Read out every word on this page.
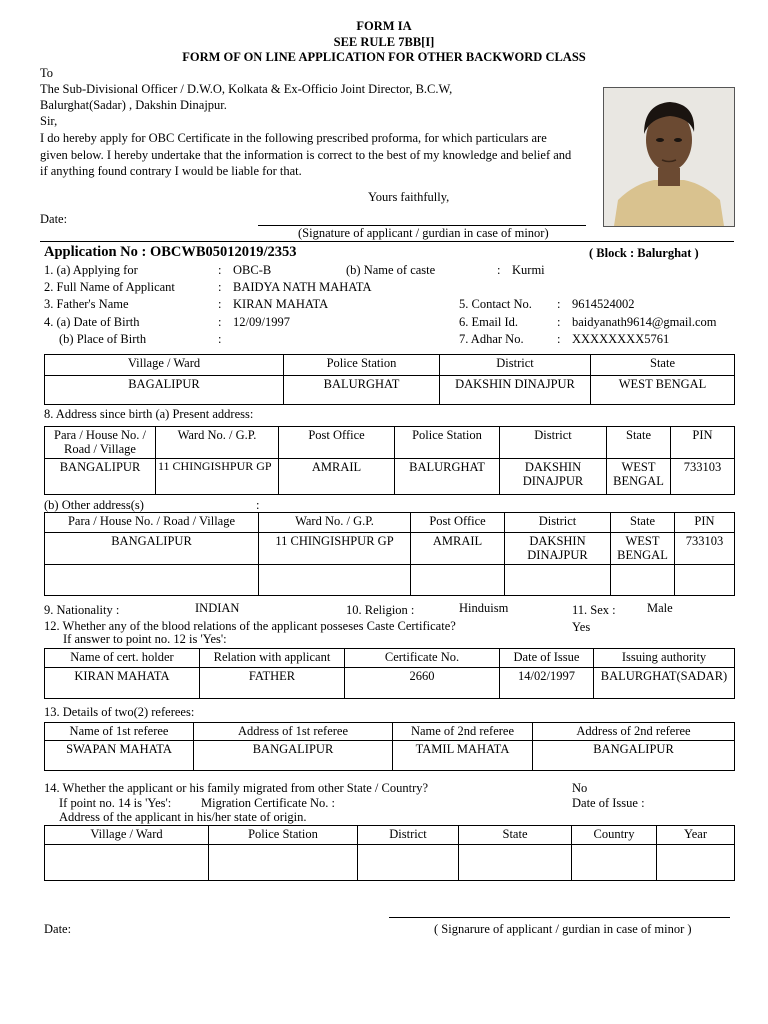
FORM IA
SEE RULE 7BB[I]
FORM OF ON LINE APPLICATION FOR OTHER BACKWORD CLASS
To
The Sub-Divisional Officer / D.W.O, Kolkata & Ex-Officio Joint Director, B.C.W,
Balurghat(Sadar) , Dakshin Dinajpur.
Sir,
I do hereby apply for OBC Certificate in the following prescribed proforma, for which particulars are
given below. I hereby undertake that the information is correct to the best of my knowledge and belief and
if anything found contrary I would be liable for that.
Yours faithfully,
Date:
(Signature of applicant / gurdian in case of minor)
Application No : OBCWB05012019/2353	( Block : Balurghat )
1. (a) Applying for	: OBC-B	(b) Name of caste	: Kurmi
2. Full Name of Applicant	: BAIDYA NATH MAHATA
3. Father's Name	: KIRAN MAHATA	5. Contact No. : 9614524002
4. (a) Date of Birth	: 12/09/1997	6. Email Id.	: baidyanath9614@gmail.com
(b) Place of Birth	:	7. Adhar No.	: XXXXXXXX5761
Village / Ward	Police Station	District	State
BAGALIPUR	BALURGHAT	DAKSHIN DINAJPUR	WEST BENGAL
8. Address since birth (a) Present address:
Para / House No. / Road / Village	Ward No. / G.P.	Post Office	Police Station	District	State	PIN
BANGALIPUR	11 CHINGISHPUR GP	AMRAIL	BALURGHAT	DAKSHIN DINAJPUR	WEST BENGAL	733103
(b) Other address(s)	:
Para / House No. / Road / Village	Ward No. / G.P.	Post Office	District	State	PIN
BANGALIPUR	11 CHINGISHPUR GP	AMRAIL	DAKSHIN DINAJPUR	WEST BENGAL	733103

9. Nationality :	INDIAN	10. Religion :	Hinduism	11. Sex :	Male
12. Whether any of the blood relations of the applicant posseses Caste Certificate?	Yes
If answer to point no. 12 is 'Yes':
Name of cert. holder	Relation with applicant	Certificate No.	Date of Issue	Issuing authority
KIRAN MAHATA	FATHER	2660	14/02/1997	BALURGHAT(SADAR)
13. Details of two(2) referees:
Name of 1st referee	Address of 1st referee	Name of 2nd referee	Address of 2nd referee
SWAPAN MAHATA	BANGALIPUR	TAMIL MAHATA	BANGALIPUR
14. Whether the applicant or his family migrated from other State / Country?	No
If point no. 14 is 'Yes': Migration Certificate No. :	Date of Issue :
Address of the applicant in his/her state of origin.
Village / Ward	Police Station	District	State	Country	Year

Date:	( Signarure of applicant / gurdian in case of minor )
